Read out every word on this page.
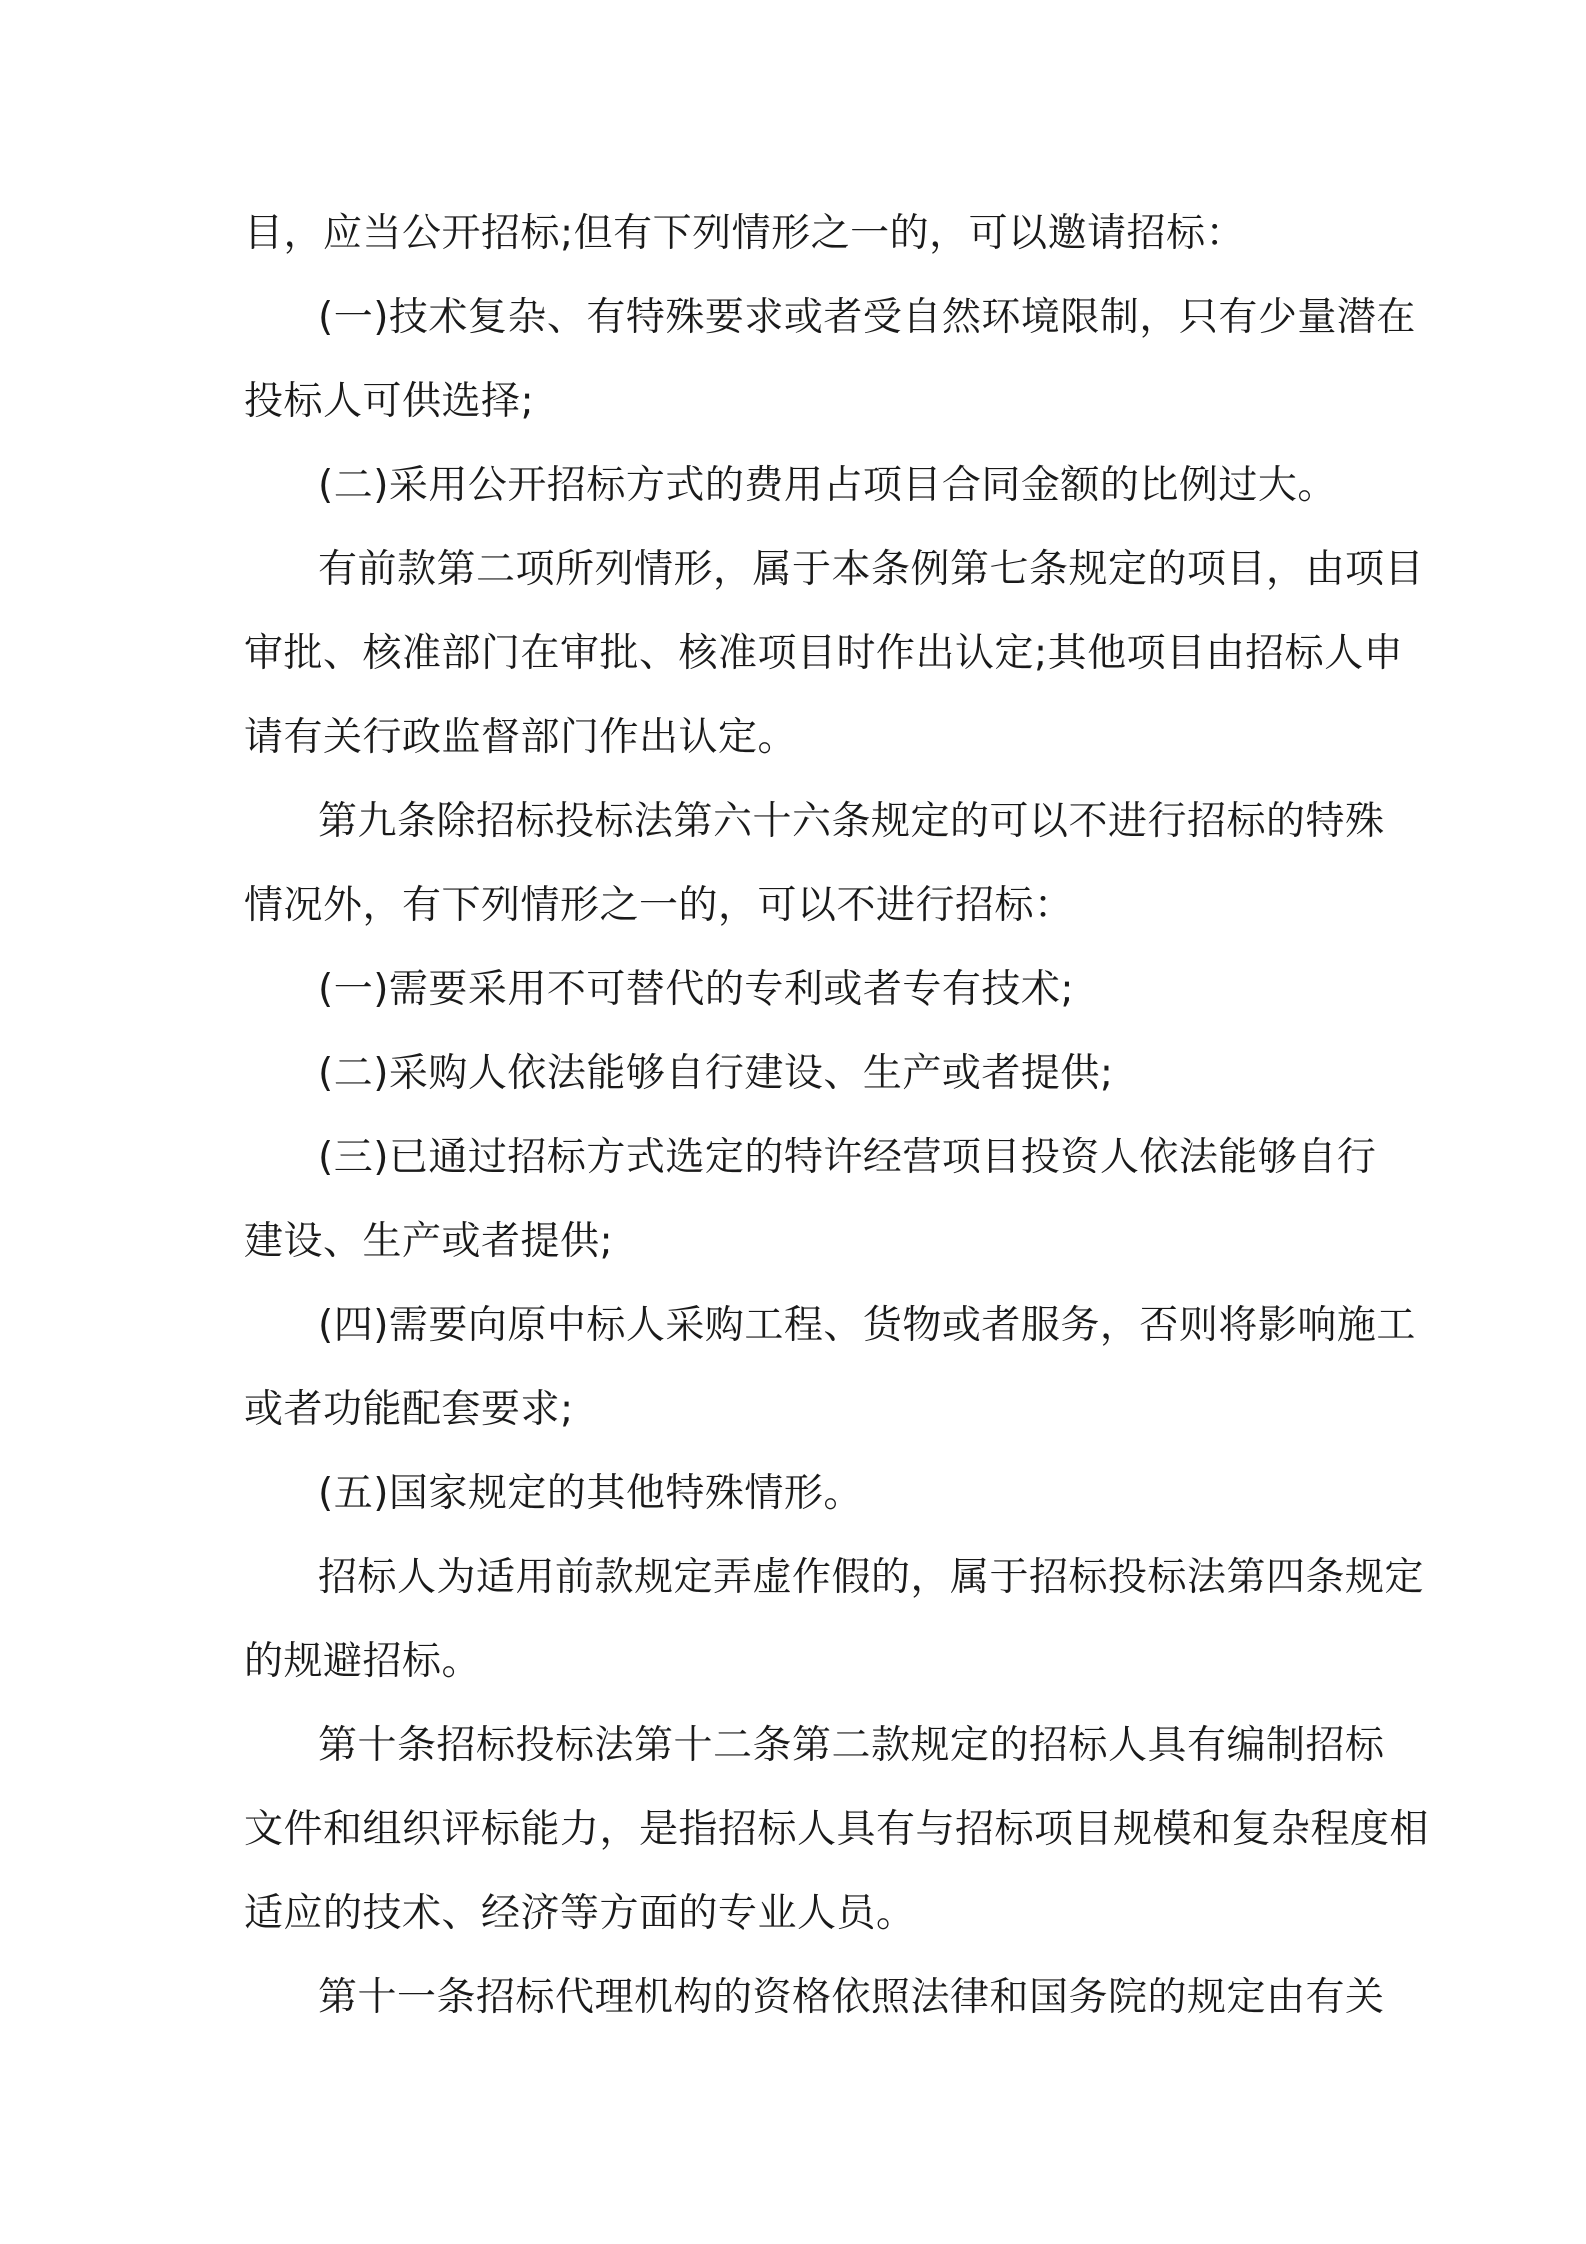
目，应当公开招标;但有下列情形之一的，可以邀请招标：
(一)技术复杂、有特殊要求或者受自然环境限制，只有少量潜在
投标人可供选择;
(二)采用公开招标方式的费用占项目合同金额的比例过大。
有前款第二项所列情形，属于本条例第七条规定的项目，由项目
审批、核准部门在审批、核准项目时作出认定;其他项目由招标人申
请有关行政监督部门作出认定。
第九条除招标投标法第六十六条规定的可以不进行招标的特殊
情况外，有下列情形之一的，可以不进行招标：
(一)需要采用不可替代的专利或者专有技术;
(二)采购人依法能够自行建设、生产或者提供;
(三)已通过招标方式选定的特许经营项目投资人依法能够自行
建设、生产或者提供;
(四)需要向原中标人采购工程、货物或者服务，否则将影响施工
或者功能配套要求;
(五)国家规定的其他特殊情形。
招标人为适用前款规定弄虚作假的，属于招标投标法第四条规定
的规避招标。
第十条招标投标法第十二条第二款规定的招标人具有编制招标
文件和组织评标能力，是指招标人具有与招标项目规模和复杂程度相
适应的技术、经济等方面的专业人员。
第十一条招标代理机构的资格依照法律和国务院的规定由有关
